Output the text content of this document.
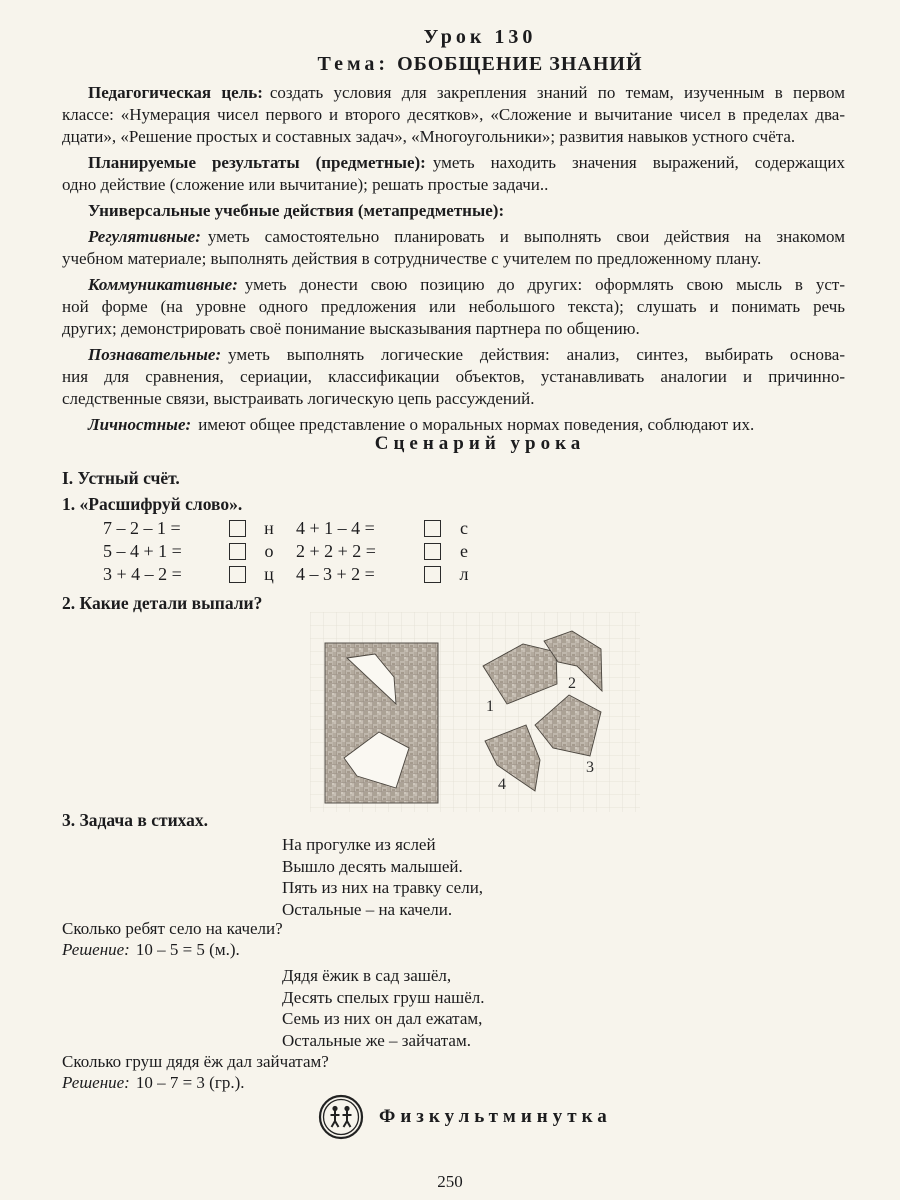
Урок 130
Тема: ОБОБЩЕНИЕ ЗНАНИЙ
Педагогическая цель: создать условия для закрепления знаний по темам, изученным в первом
классе: «Нумерация чисел первого и второго десятков», «Сложение и вычитание чисел в пределах два-
дцати», «Решение простых и составных задач», «Многоугольники»; развития навыков устного счёта.
Планируемые результаты (предметные): уметь находить значения выражений, содержащих
одно действие (сложение или вычитание); решать простые задачи..
Универсальные учебные действия (метапредметные):
Регулятивные: уметь самостоятельно планировать и выполнять свои действия на знакомом
учебном материале; выполнять действия в сотрудничестве с учителем по предложенному плану.
Коммуникативные: уметь донести свою позицию до других: оформлять свою мысль в уст-
ной форме (на уровне одного предложения или небольшого текста); слушать и понимать речь
других; демонстрировать своё понимание высказывания партнера по общению.
Познавательные: уметь выполнять логические действия: анализ, синтез, выбирать основа-
ния для сравнения, сериации, классификации объектов, устанавливать аналогии и причинно-
следственные связи, выстраивать логическую цепь рассуждений.
Личностные: имеют общее представление о моральных нормах поведения, соблюдают их.
Сценарий урока
I. Устный счёт.
1. «Расшифруй слово».
7 – 2 – 1 =	н	4 + 1 – 4 =	с
5 – 4 + 1 =	о	2 + 2 + 2 =	е
3 + 4 – 2 =	ц	4 – 3 + 2 =	л
2. Какие детали выпали?
1
2
3
4
3. Задача в стихах.
На прогулке из яслей
Вышло десять малышей.
Пять из них на травку сели,
Остальные – на качели.
Сколько ребят село на качели?
Решение: 10 – 5 = 5 (м.).
Дядя ёжик в сад зашёл,
Десять спелых груш нашёл.
Семь из них он дал ежатам,
Остальные же – зайчатам.
Сколько груш дядя ёж дал зайчатам?
Решение: 10 – 7 = 3 (гр.).
Физкультминутка
250
